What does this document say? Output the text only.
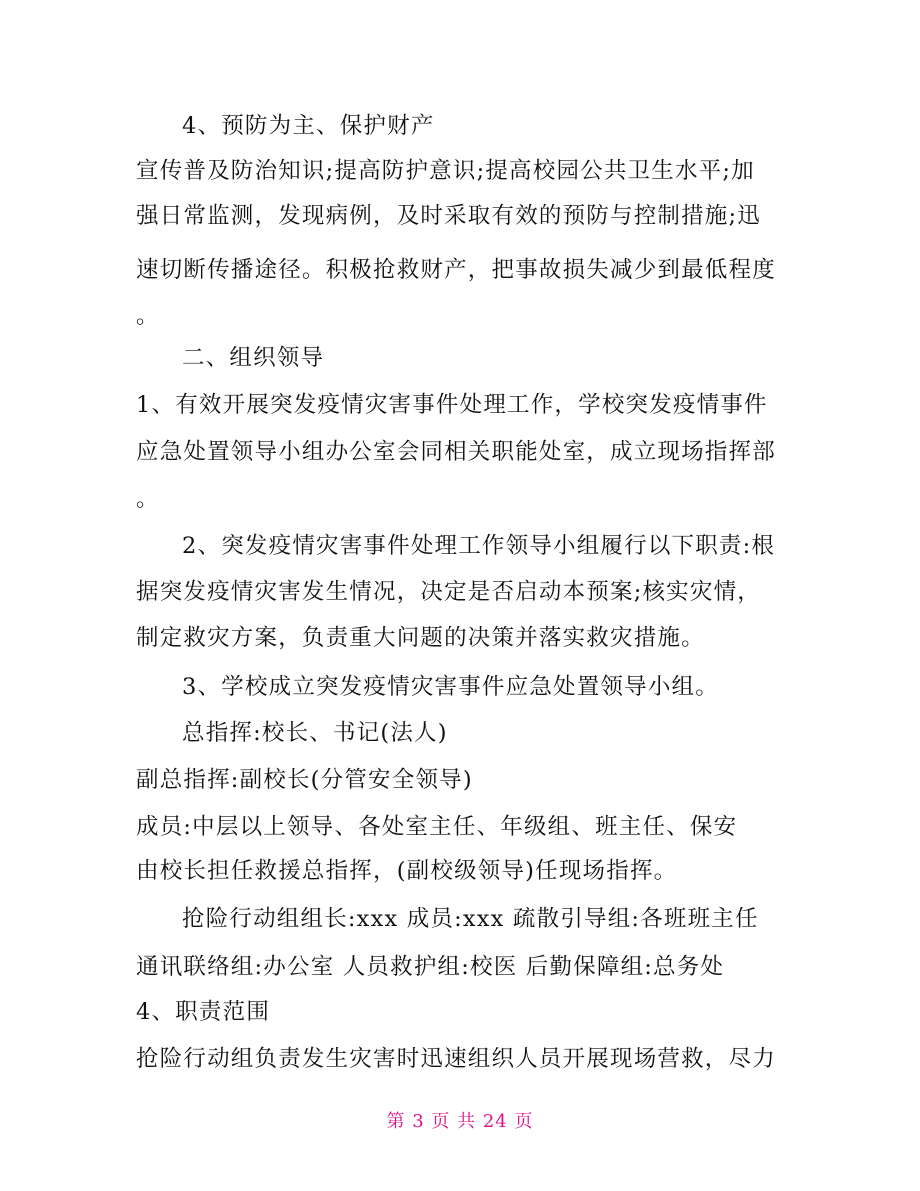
4、预防为主、保护财产
宣传普及防治知识;提高防护意识;提高校园公共卫生水平;加
强日常监测，发现病例，及时采取有效的预防与控制措施;迅
速切断传播途径。积极抢救财产，把事故损失减少到最低程度
。
二、组织领导
1、有效开展突发疫情灾害事件处理工作，学校突发疫情事件
应急处置领导小组办公室会同相关职能处室，成立现场指挥部
。
2、突发疫情灾害事件处理工作领导小组履行以下职责:根
据突发疫情灾害发生情况，决定是否启动本预案;核实灾情，
制定救灾方案，负责重大问题的决策并落实救灾措施。
3、学校成立突发疫情灾害事件应急处置领导小组。
总指挥:校长、书记(法人)
副总指挥:副校长(分管安全领导)
成员:中层以上领导、各处室主任、年级组、班主任、保安
由校长担任救援总指挥，(副校级领导)任现场指挥。
抢险行动组组长:xxx 成员:xxx 疏散引导组:各班班主任
通讯联络组:办公室 人员救护组:校医 后勤保障组:总务处
4、职责范围
抢险行动组负责发生灾害时迅速组织人员开展现场营救，尽力
第 3 页 共 24 页
